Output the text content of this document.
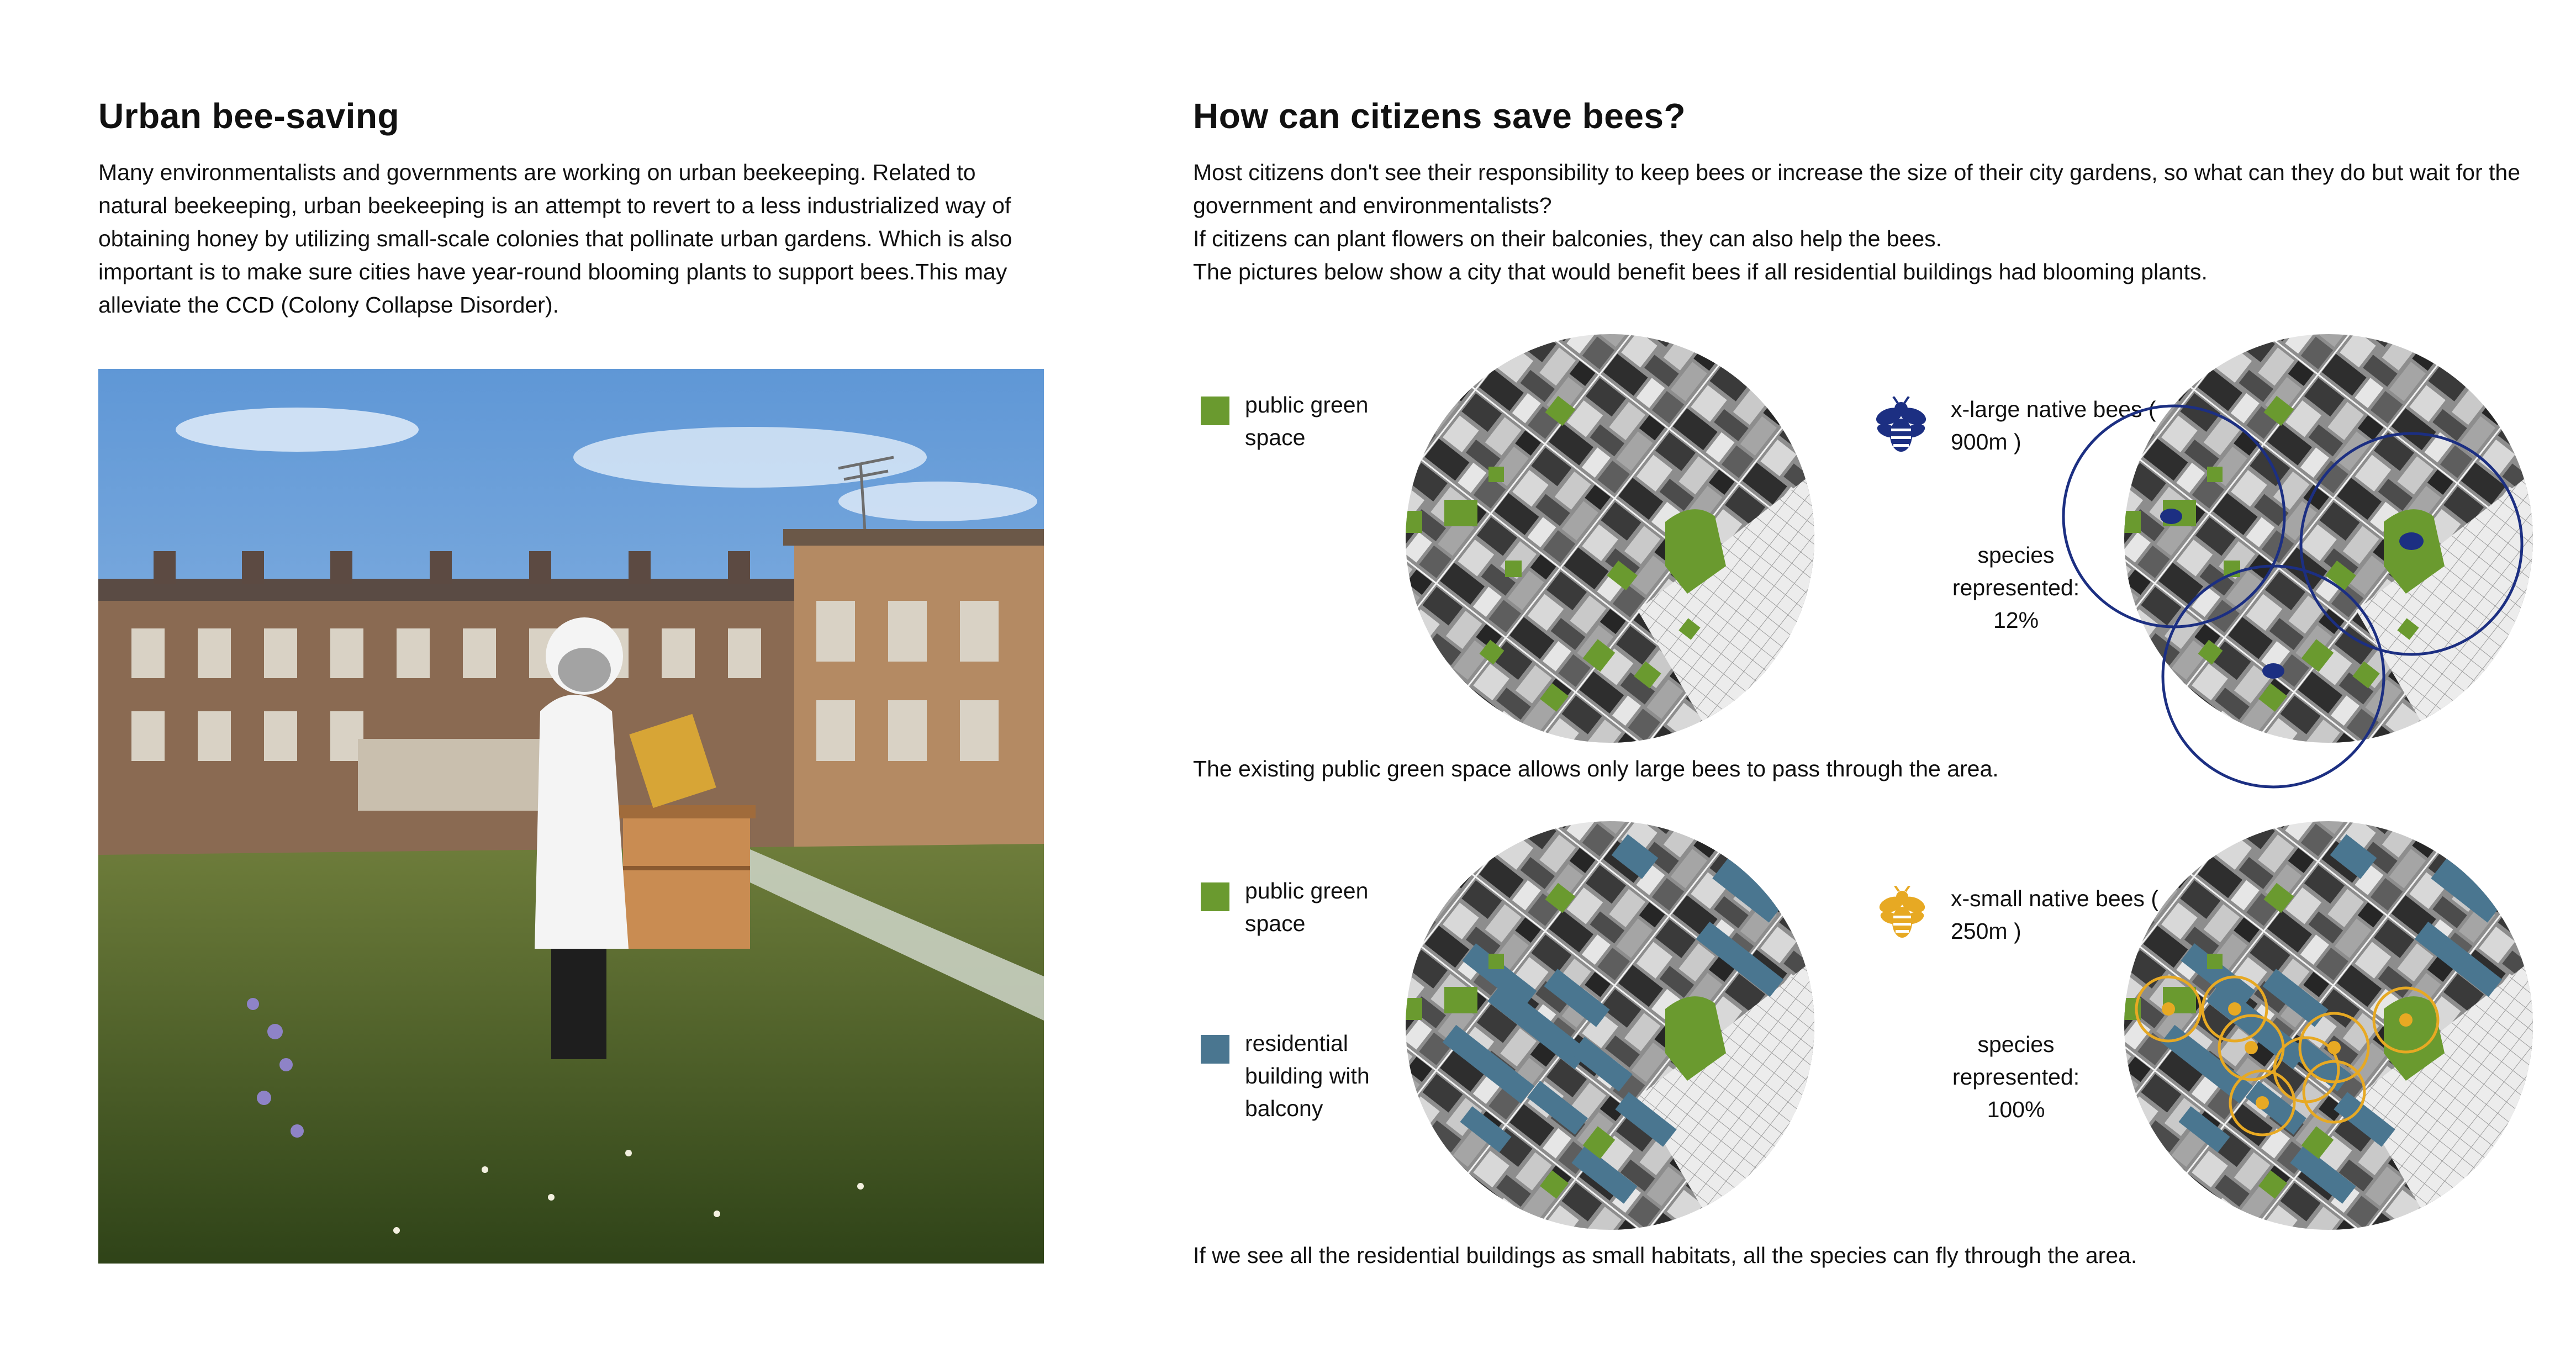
Urban bee-saving
Many environmentalists and governments are working on urban beekeeping. Related to natural beekeeping, urban beekeeping is an attempt to revert to a less industrialized way of obtaining honey by utilizing small-scale colonies that pollinate urban gardens. Which is also important is to make sure cities have year-round blooming plants to support bees.This may alleviate the CCD (Colony Collapse Disorder).
How can citizens save bees?

Most citizens don't see their responsibility to keep bees or increase the size of their city gardens, so what can they do but wait for the government and environmentalists?

If citizens can plant flowers on their balconies, they can also help the bees.

The pictures below show a city that would benefit bees if all residential buildings had blooming plants.

public green
space
x-large native bees (
900m )
species
represented:
12%
The existing public green space allows only large bees to pass through the area.
public green
space
residential
building with
balcony
x-small native bees (
250m )
species
represented:
100%
If we see all the residential buildings as small habitats, all the species can fly through the area.
